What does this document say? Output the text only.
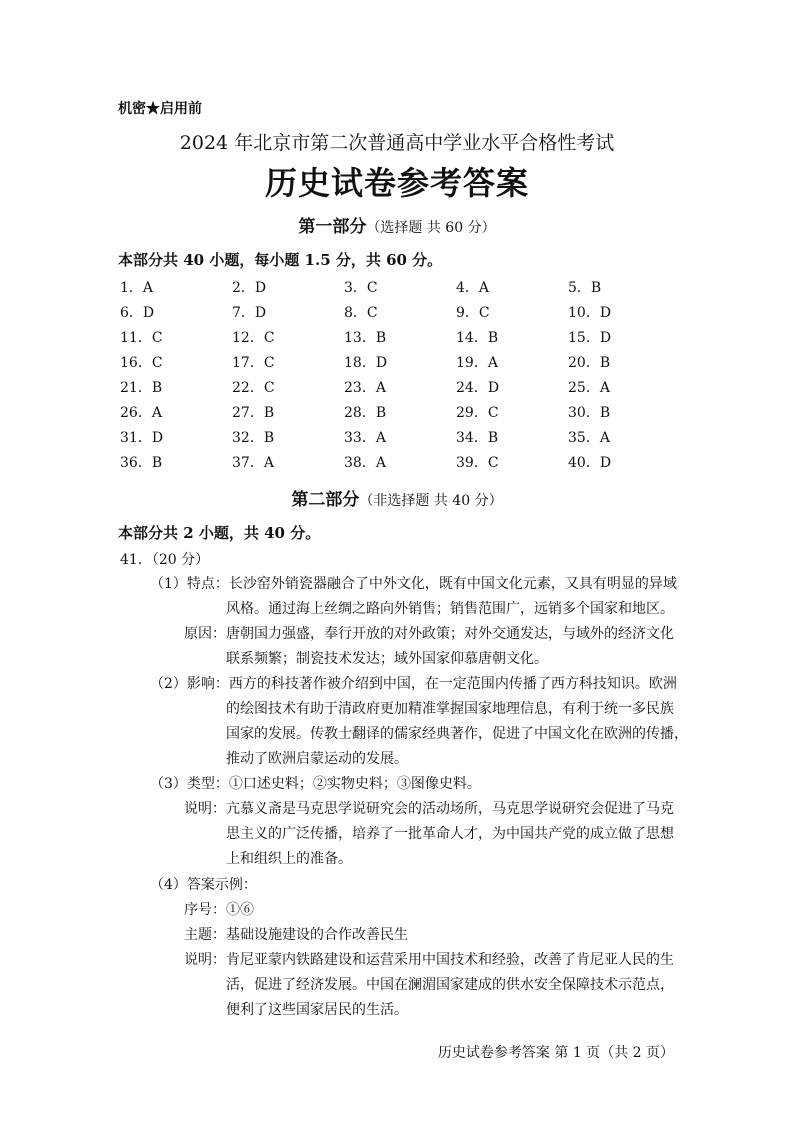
机密★启用前
2024 年北京市第二次普通高中学业水平合格性考试
历史试卷参考答案
第一部分（选择题 共 60 分）
本部分共 40 小题，每小题 1.5 分，共 60 分。
1．A	2．D	3．C	4．A	5．B
6．D	7．D	8．C	9．C	10．D
11．C	12．C	13．B	14．B	15．D
16．C	17．C	18．D	19．A	20．B
21．B	22．C	23．A	24．D	25．A
26．A	27．B	28．B	29．C	30．B
31．D	32．B	33．A	34．B	35．A
36．B	37．A	38．A	39．C	40．D
第二部分（非选择题 共 40 分）
本部分共 2 小题，共 40 分。
41．（20 分）
（1）特点：长沙窑外销瓷器融合了中外文化，既有中国文化元素，又具有明显的异域
风格。通过海上丝绸之路向外销售；销售范围广，远销多个国家和地区。
原因：唐朝国力强盛，奉行开放的对外政策；对外交通发达，与域外的经济文化
联系频繁；制瓷技术发达；域外国家仰慕唐朝文化。
（2）影响：西方的科技著作被介绍到中国，在一定范围内传播了西方科技知识。欧洲
的绘图技术有助于清政府更加精准掌握国家地理信息，有利于统一多民族
国家的发展。传教士翻译的儒家经典著作，促进了中国文化在欧洲的传播，
推动了欧洲启蒙运动的发展。
（3）类型：①口述史料；②实物史料；③图像史料。
说明：亢慕义斋是马克思学说研究会的活动场所，马克思学说研究会促进了马克
思主义的广泛传播，培养了一批革命人才，为中国共产党的成立做了思想
上和组织上的准备。
（4）答案示例：
序号：①⑥
主题：基础设施建设的合作改善民生
说明：肯尼亚蒙内铁路建设和运营采用中国技术和经验，改善了肯尼亚人民的生
活，促进了经济发展。中国在澜湄国家建成的供水安全保障技术示范点，
便利了这些国家居民的生活。
历史试卷参考答案 第 1 页（共 2 页）
